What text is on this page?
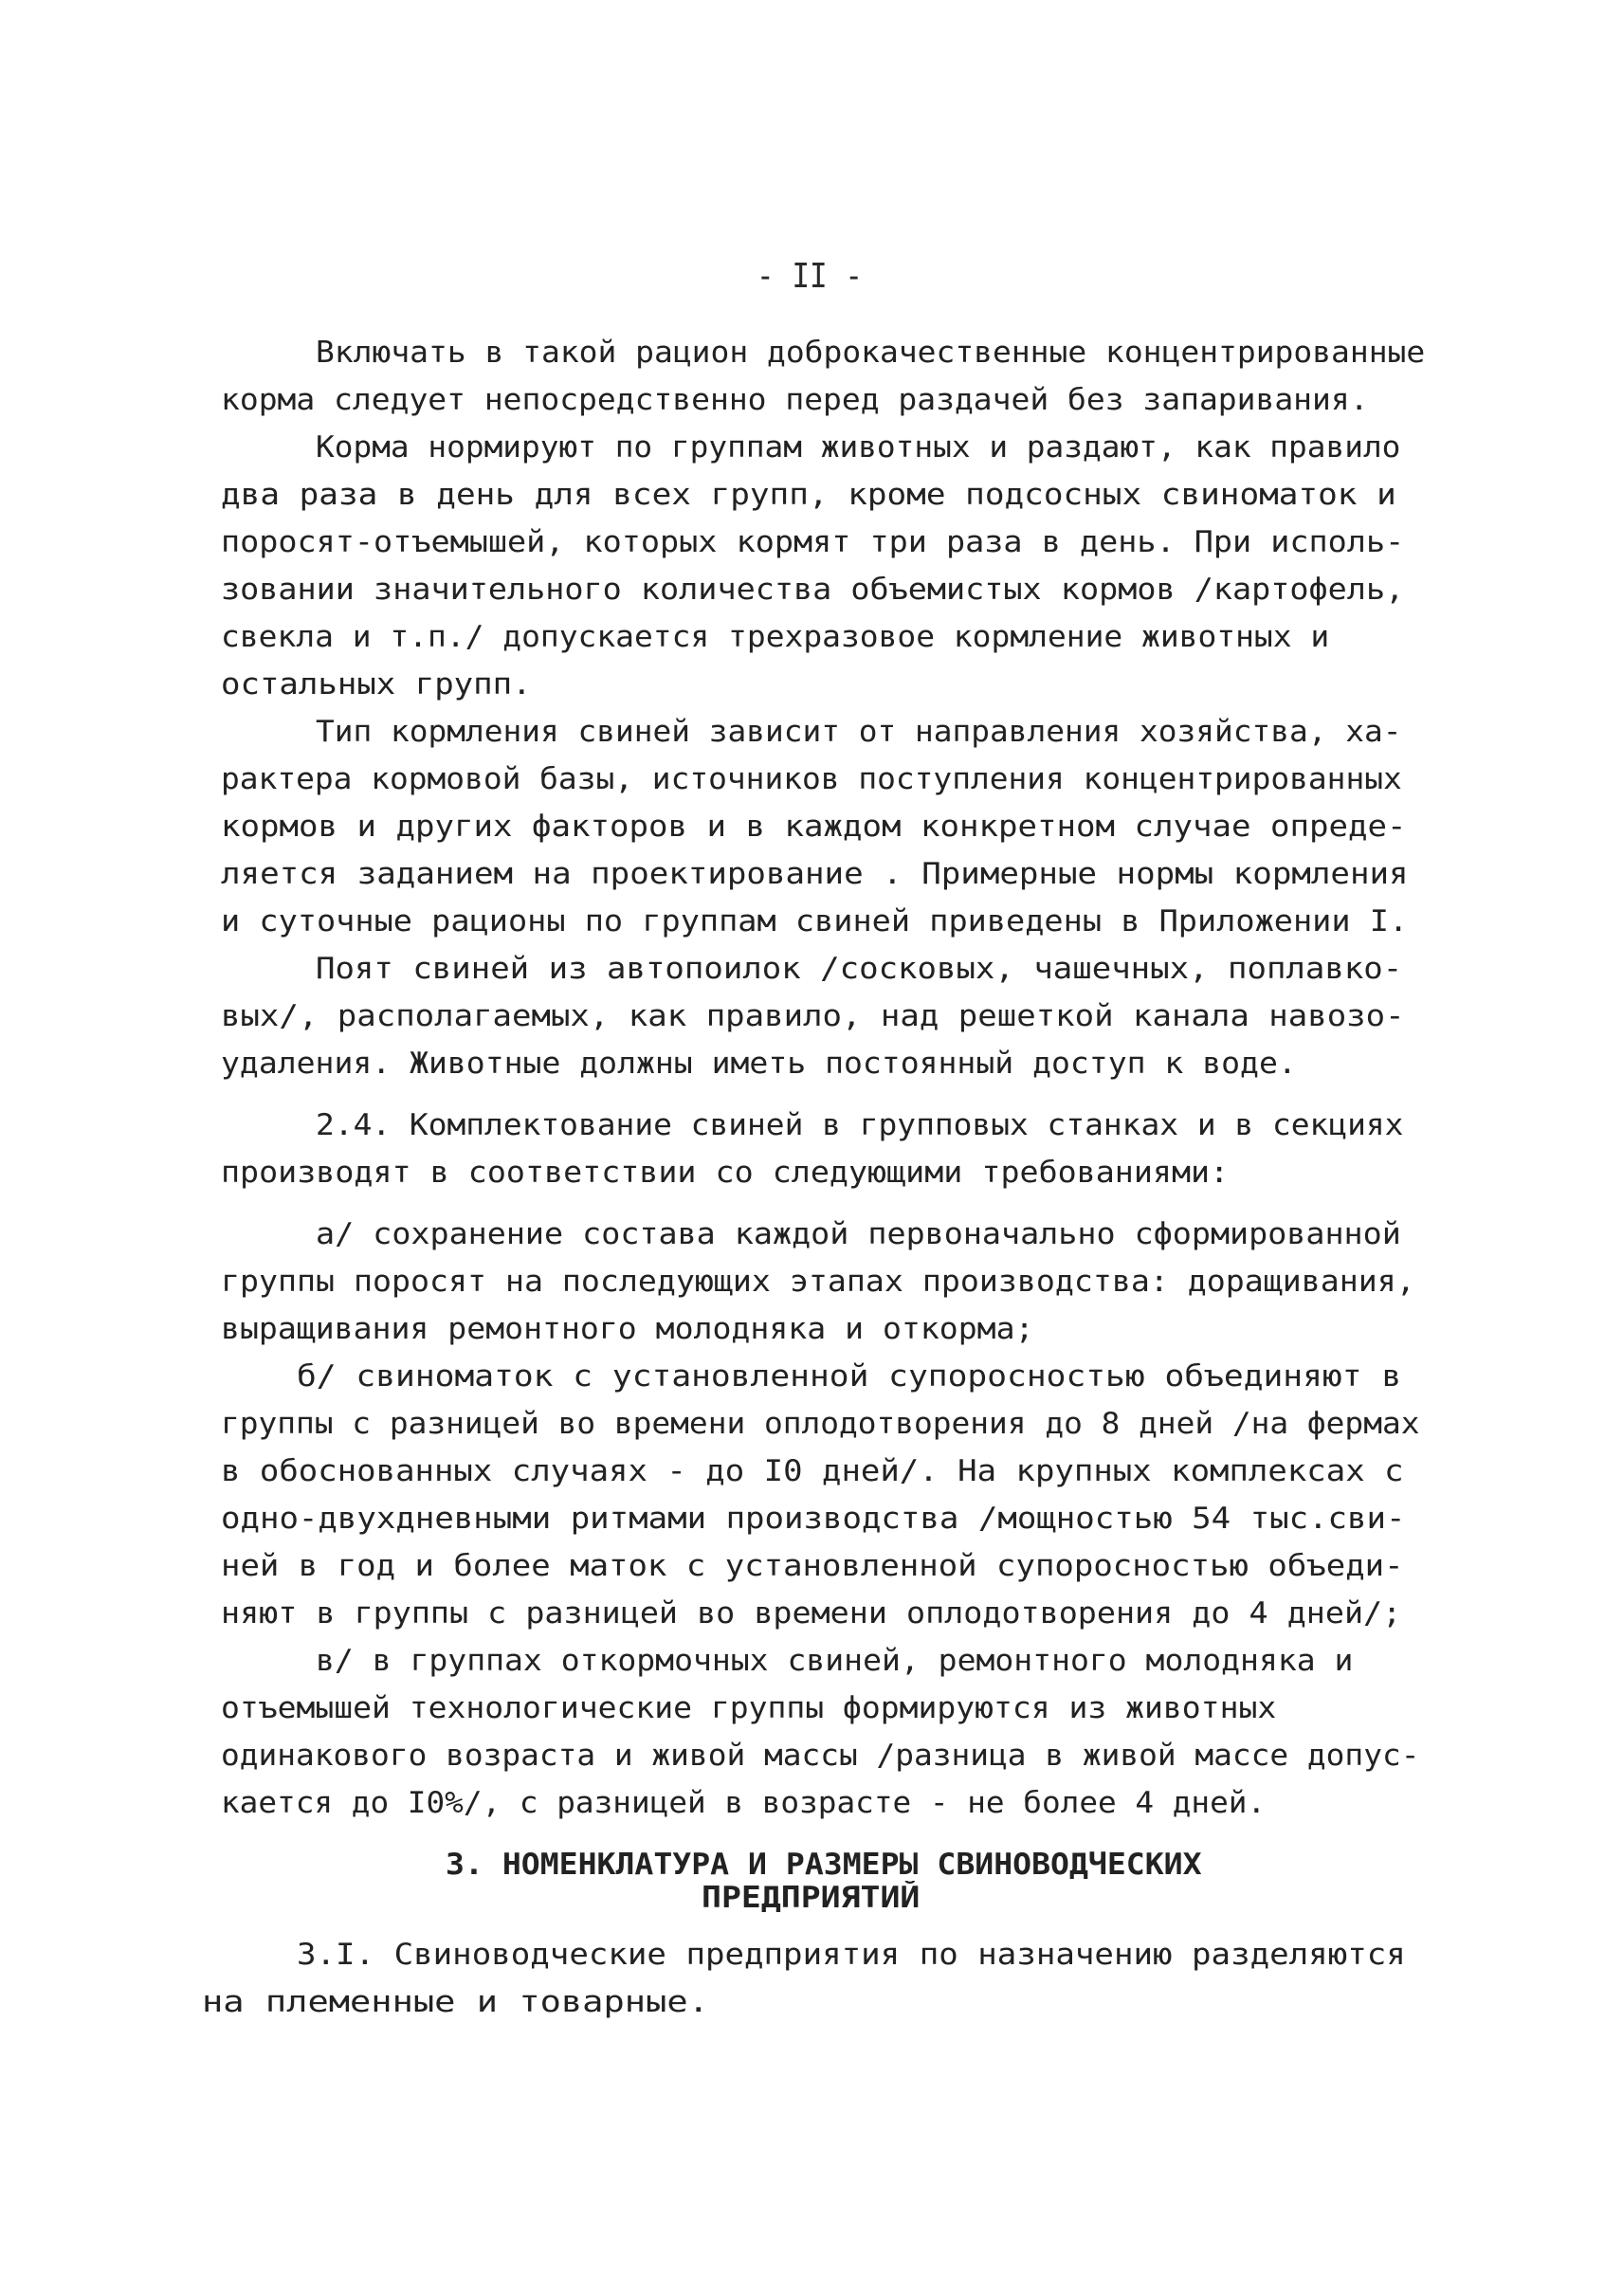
- II -

Включать в такой рацион доброкачественные концентрированные

корма следует непосредственно перед раздачей без запаривания.

Корма нормируют по группам животных и раздают, как правило

два раза в день для всех групп, кроме подсосных свиноматок и

поросят-отъемышей, которых кормят три раза в день. При исполь-

зовании значительного количества объемистых кормов /картофель,

свекла и т.п./ допускается трехразовое кормление животных и

остальных групп.

Тип кормления свиней зависит от направления хозяйства, ха-

рактера кормовой базы, источников поступления концентрированных

кормов и других факторов и в каждом конкретном случае опреде-

ляется заданием на проектирование . Примерные нормы кормления

и суточные рационы по группам свиней приведены в Приложении I.

Поят свиней из автопоилок /сосковых, чашечных, поплавко-

вых/, располагаемых, как правило, над решеткой канала навозо-

удаления. Животные должны иметь постоянный доступ к воде.

2.4. Комплектование свиней в групповых станках и в секциях

производят в соответствии со следующими требованиями:

а/ сохранение состава каждой первоначально сформированной

группы поросят на последующих этапах производства: доращивания,

выращивания ремонтного молодняка и откорма;

б/ свиноматок с установленной супоросностью объединяют в

группы с разницей во времени оплодотворения до 8 дней /на фермах

в обоснованных случаях - до I0 дней/. На крупных комплексах с

одно-двухдневными ритмами производства /мощностью 54 тыс.сви-

ней в год и более маток с установленной супоросностью объеди-

няют в группы с разницей во времени оплодотворения до 4 дней/;

в/ в группах откормочных свиней, ремонтного молодняка и

отъемышей технологические группы формируются из животных

одинакового возраста и живой массы /разница в живой массе допус-

кается до I0%/, с разницей в возрасте - не более 4 дней.

3. НОМЕНКЛАТУРА И РАЗМЕРЫ СВИНОВОДЧЕСКИХ

ПРЕДПРИЯТИЙ

3.I. Свиноводческие предприятия по назначению разделяются

на племенные и товарные.
